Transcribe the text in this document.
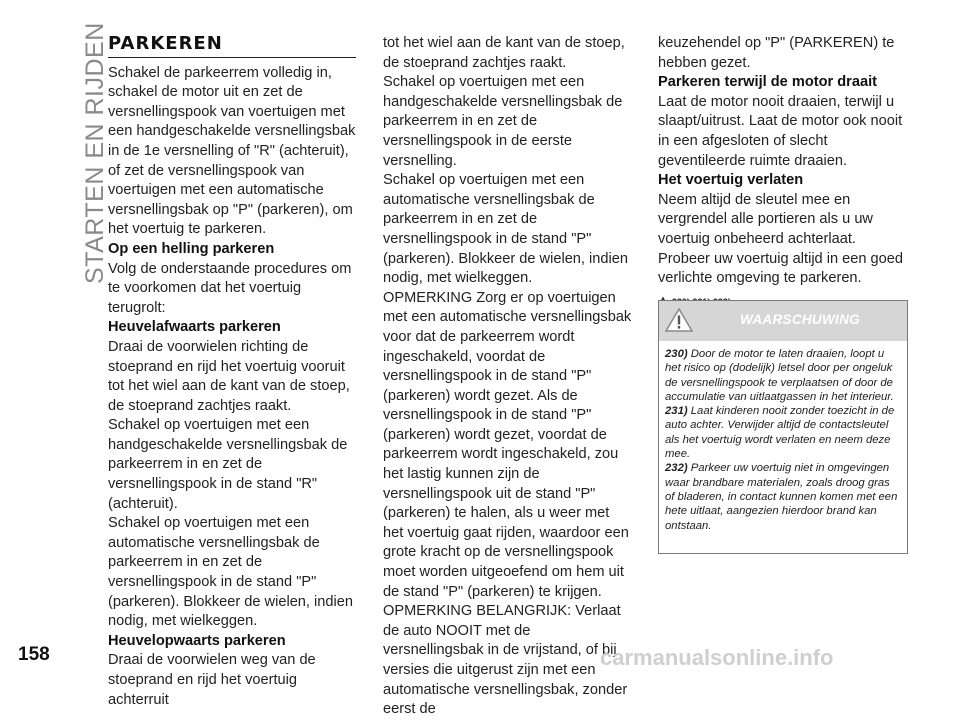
STARTEN EN RIJDEN PARKEREN

Schakel de parkeerrem volledig in, schakel de motor uit en zet de versnellingspook van voertuigen met een handgeschakelde versnellingsbak in de 1e versnelling of "R" (achteruit), of zet de versnellingspook van voertuigen met een automatische versnellingsbak op "P" (parkeren), om het voertuig te parkeren.

Op een helling parkeren

Volg de onderstaande procedures om te voorkomen dat het voertuig terugrolt:

Heuvelafwaarts parkeren

Draai de voorwielen richting de stoeprand en rijd het voertuig vooruit tot het wiel aan de kant van de stoep, de stoeprand zachtjes raakt.

Schakel op voertuigen met een handgeschakelde versnellingsbak de parkeerrem in en zet de versnellingspook in de stand "R" (achteruit).

Schakel op voertuigen met een automatische versnellingsbak de parkeerrem in en zet de versnellingspook in de stand "P" (parkeren). Blokkeer de wielen, indien nodig, met wielkeggen.

Heuvelopwaarts parkeren

Draai de voorwielen weg van de stoeprand en rijd het voertuig achterruit

tot het wiel aan de kant van de stoep, de stoeprand zachtjes raakt.

Schakel op voertuigen met een handgeschakelde versnellingsbak de parkeerrem in en zet de versnellingspook in de eerste versnelling.

Schakel op voertuigen met een automatische versnellingsbak de parkeerrem in en zet de versnellingspook in de stand "P" (parkeren). Blokkeer de wielen, indien nodig, met wielkeggen.

OPMERKING Zorg er op voertuigen met een automatische versnellingsbak voor dat de parkeerrem wordt ingeschakeld, voordat de versnellingspook in de stand "P" (parkeren) wordt gezet. Als de versnellingspook in de stand "P" (parkeren) wordt gezet, voordat de parkeerrem wordt ingeschakeld, zou het lastig kunnen zijn de versnellingspook uit de stand "P" (parkeren) te halen, als u weer met het voertuig gaat rijden, waardoor een grote kracht op de versnellingspook moet worden uitgeoefend om hem uit de stand "P" (parkeren) te krijgen.

OPMERKING BELANGRIJK: Verlaat de auto NOOIT met de versnellingsbak in de vrijstand, of bij versies die uitgerust zijn met een automatische versnellingsbak, zonder eerst de

keuzehendel op "P" (PARKEREN) te hebben gezet.

Parkeren terwijl de motor draait

Laat de motor nooit draaien, terwijl u slaapt/uitrust. Laat de motor ook nooit in een afgesloten of slecht geventileerde ruimte draaien.

Het voertuig verlaten

Neem altijd de sleutel mee en vergrendel alle portieren als u uw voertuig onbeheerd achterlaat. Probeer uw voertuig altijd in een goed verlichte omgeving te parkeren.

WAARSCHUWING

230) Door de motor te laten draaien, loopt u het risico op (dodelijk) letsel door per ongeluk de versnellingspook te verplaatsen of door de accumulatie van uitlaatgassen in het interieur.

231) Laat kinderen nooit zonder toezicht in de auto achter. Verwijder altijd de contactsleutel als het voertuig wordt verlaten en neem deze mee.

232) Parkeer uw voertuig niet in omgevingen waar brandbare materialen, zoals droog gras of bladeren, in contact kunnen komen met een hete uitlaat, aangezien hierdoor brand kan ontstaan.

158	carmanualsonline.info
